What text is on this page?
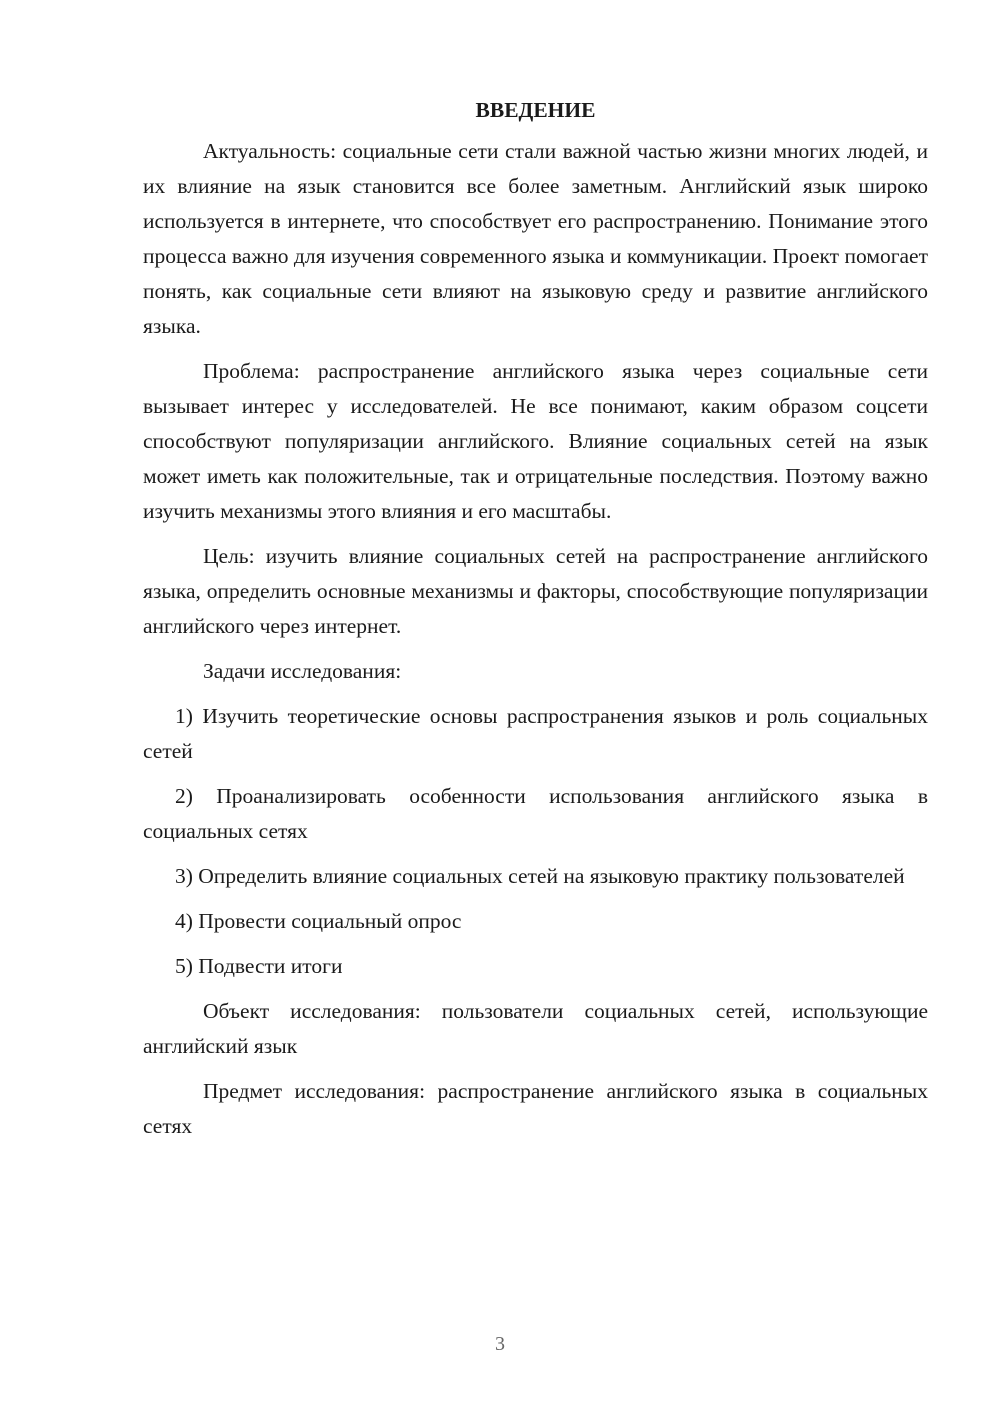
ВВЕДЕНИЕ

Актуальность: социальные сети стали важной частью жизни многих людей, и их влияние на язык становится все более заметным. Английский язык широко используется в интернете, что способствует его распространению. Понимание этого процесса важно для изучения современного языка и коммуникации. Проект помогает понять, как социальные сети влияют на языковую среду и развитие английского языка.

Проблема: распространение английского языка через социальные сети вызывает интерес у исследователей. Не все понимают, каким образом соцсети способствуют популяризации английского. Влияние социальных сетей на язык может иметь как положительные, так и отрицательные последствия. Поэтому важно изучить механизмы этого влияния и его масштабы.

Цель: изучить влияние социальных сетей на распространение английского языка, определить основные механизмы и факторы, способствующие популяризации английского через интернет.

Задачи исследования:

1) Изучить теоретические основы распространения языков и роль социальных сетей

2) Проанализировать особенности использования английского языка в социальных сетях

3) Определить влияние социальных сетей на языковую практику пользователей

4) Провести социальный опрос

5) Подвести итоги

Объект исследования: пользователи социальных сетей, использующие английский язык

Предмет исследования: распространение английского языка в социальных сетях

3
